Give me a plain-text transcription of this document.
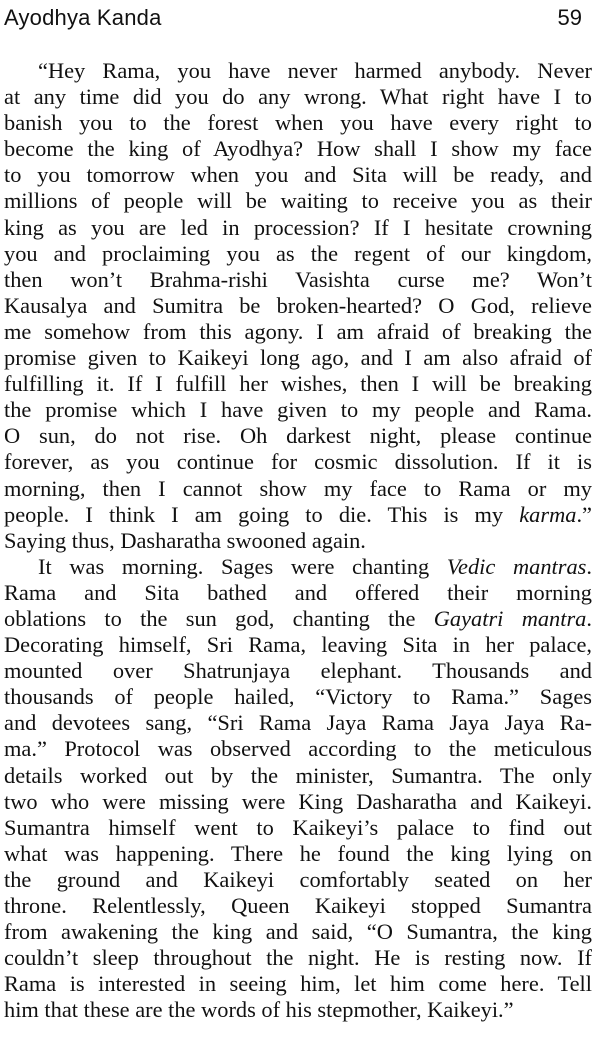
Ayodhya Kanda	59
“Hey Rama, you have never harmed anybody. Never
at any time did you do any wrong. What right have I to
banish you to the forest when you have every right to
become the king of Ayodhya? How shall I show my face
to you tomorrow when you and Sita will be ready, and
millions of people will be waiting to receive you as their
king as you are led in procession? If I hesitate crowning
you and proclaiming you as the regent of our kingdom,
then won’t Brahma-rishi Vasishta curse me? Won’t
Kausalya and Sumitra be broken-hearted? O God, relieve
me somehow from this agony. I am afraid of breaking the
promise given to Kaikeyi long ago, and I am also afraid of
fulfilling it. If I fulfill her wishes, then I will be breaking
the promise which I have given to my people and Rama.
O sun, do not rise. Oh darkest night, please continue
forever, as you continue for cosmic dissolution. If it is
morning, then I cannot show my face to Rama or my
people. I think I am going to die. This is my karma.”
Saying thus, Dasharatha swooned again.
It was morning. Sages were chanting Vedic mantras.
Rama and Sita bathed and offered their morning
oblations to the sun god, chanting the Gayatri mantra.
Decorating himself, Sri Rama, leaving Sita in her palace,
mounted over Shatrunjaya elephant. Thousands and
thousands of people hailed, “Victory to Rama.” Sages
and devotees sang, “Sri Rama Jaya Rama Jaya Jaya Ra-
ma.” Protocol was observed according to the meticulous
details worked out by the minister, Sumantra. The only
two who were missing were King Dasharatha and Kaikeyi.
Sumantra himself went to Kaikeyi’s palace to find out
what was happening. There he found the king lying on
the ground and Kaikeyi comfortably seated on her
throne. Relentlessly, Queen Kaikeyi stopped Sumantra
from awakening the king and said, “O Sumantra, the king
couldn’t sleep throughout the night. He is resting now. If
Rama is interested in seeing him, let him come here. Tell
him that these are the words of his stepmother, Kaikeyi.”
